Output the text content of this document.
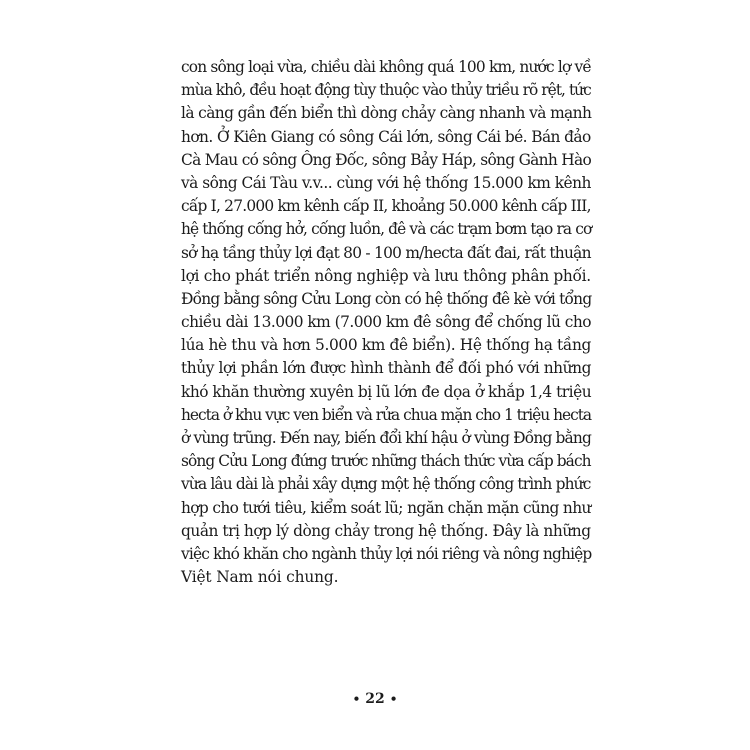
con sông loại vừa, chiều dài không quá 100 km, nước lợ về
mùa khô, đều hoạt động tùy thuộc vào thủy triều rõ rệt, tức
là càng gần đến biển thì dòng chảy càng nhanh và mạnh
hơn. Ở Kiên Giang có sông Cái lớn, sông Cái bé. Bán đảo
Cà Mau có sông Ông Đốc, sông Bảy Háp, sông Gành Hào
và sông Cái Tàu v.v... cùng với hệ thống 15.000 km kênh
cấp I, 27.000 km kênh cấp II, khoảng 50.000 kênh cấp III,
hệ thống cống hở, cống luồn, đê và các trạm bơm tạo ra cơ
sở hạ tầng thủy lợi đạt 80 - 100 m/hecta đất đai, rất thuận
lợi cho phát triển nông nghiệp và lưu thông phân phối.
Đồng bằng sông Cửu Long còn có hệ thống đê kè với tổng
chiều dài 13.000 km (7.000 km đê sông để chống lũ cho
lúa hè thu và hơn 5.000 km đê biển). Hệ thống hạ tầng
thủy lợi phần lớn được hình thành để đối phó với những
khó khăn thường xuyên bị lũ lớn đe dọa ở khắp 1,4 triệu
hecta ở khu vực ven biển và rửa chua mặn cho 1 triệu hecta
ở vùng trũng. Đến nay, biến đổi khí hậu ở vùng Đồng bằng
sông Cửu Long đứng trước những thách thức vừa cấp bách
vừa lâu dài là phải xây dựng một hệ thống công trình phức
hợp cho tưới tiêu, kiểm soát lũ; ngăn chặn mặn cũng như
quản trị hợp lý dòng chảy trong hệ thống. Đây là những
việc khó khăn cho ngành thủy lợi nói riêng và nông nghiệp
Việt Nam nói chung.
• 22 •
